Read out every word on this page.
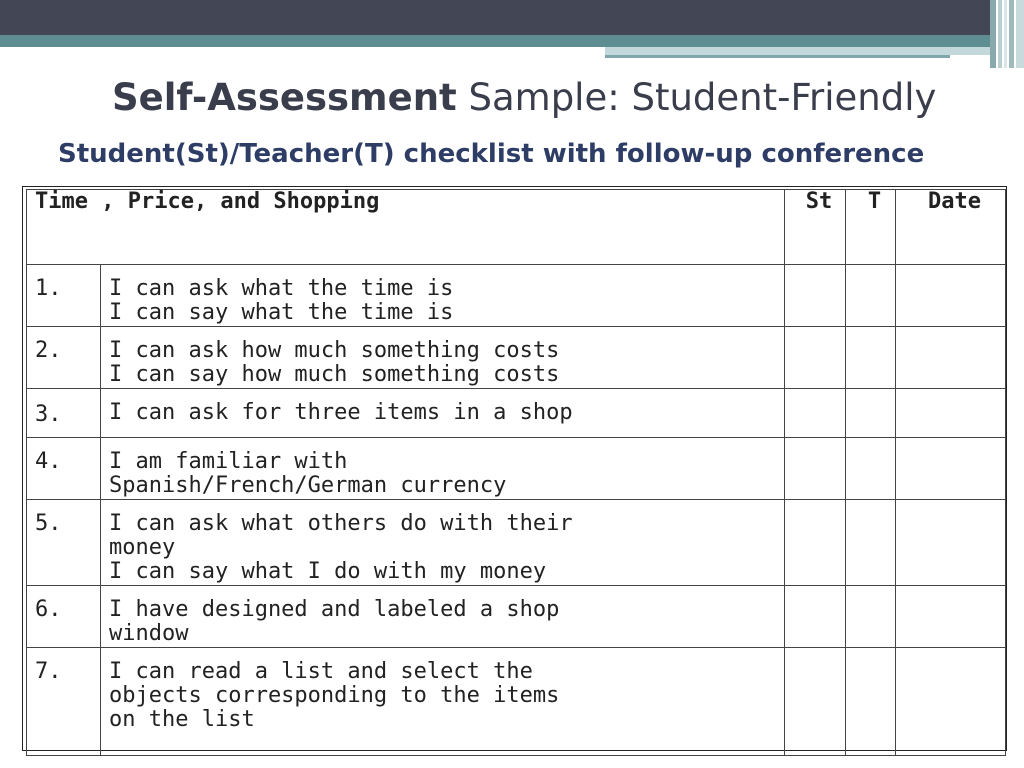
Self-Assessment Sample: Student-Friendly
Student(St)/Teacher(T) checklist with follow-up conference
Time , Price, and Shopping		St	T	Date
1.	I can ask what the time is
I can say what the time is			

2.	I can ask how much something costs
I can say how much something costs			

3.	I can ask for three items in a shop			

4.	I am familiar with
Spanish/French/German currency			

5.	I can ask what others do with their
money
I can say what I do with my money			

6.	I have designed and labeled a shop
window			

7.	I can read a list and select the
objects corresponding to the items
on the list			
